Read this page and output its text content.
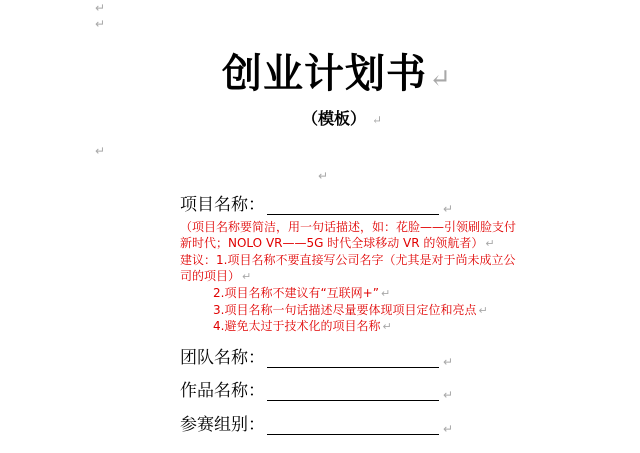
↵
↵
创业计划书↵
（模板） ↵
↵
↵
项目名称：	↵
（项目名称要简洁，用一句话描述，如：花脸——引领刷脸支付
新时代；NOLO VR——5G 时代全球移动 VR 的领航者） ↵
建议：1.项目名称不要直接写公司名字（尤其是对于尚未成立公
司的项目） ↵
2.项目名称不建议有“互联网+” ↵
3.项目名称一句话描述尽量要体现项目定位和亮点 ↵
4.避免太过于技术化的项目名称 ↵
团队名称：	↵
作品名称：	↵
参赛组别：	↵
